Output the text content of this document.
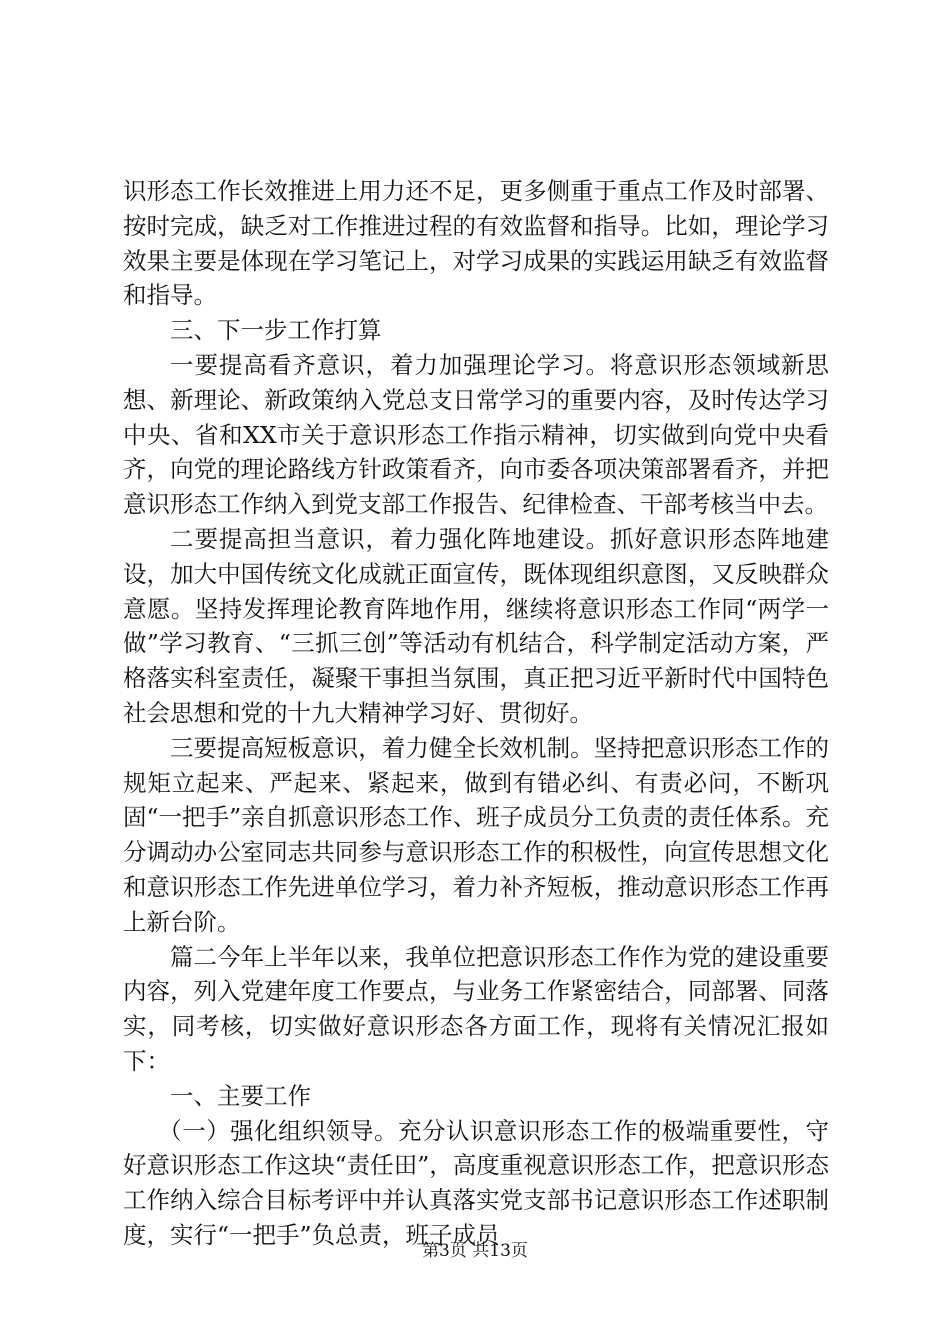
识形态工作长效推进上用力还不足，更多侧重于重点工作及时部署、按时完成，缺乏对工作推进过程的有效监督和指导。比如，理论学习效果主要是体现在学习笔记上，对学习成果的实践运用缺乏有效监督和指导。

三、下一步工作打算

一要提高看齐意识，着力加强理论学习。将意识形态领域新思想、新理论、新政策纳入党总支日常学习的重要内容，及时传达学习中央、省和XX市关于意识形态工作指示精神，切实做到向党中央看齐，向党的理论路线方针政策看齐，向市委各项决策部署看齐，并把意识形态工作纳入到党支部工作报告、纪律检查、干部考核当中去。

二要提高担当意识，着力强化阵地建设。抓好意识形态阵地建设，加大中国传统文化成就正面宣传，既体现组织意图，又反映群众意愿。坚持发挥理论教育阵地作用，继续将意识形态工作同“两学一做”学习教育、“三抓三创”等活动有机结合，科学制定活动方案，严格落实科室责任，凝聚干事担当氛围，真正把习近平新时代中国特色社会思想和党的十九大精神学习好、贯彻好。

三要提高短板意识，着力健全长效机制。坚持把意识形态工作的规矩立起来、严起来、紧起来，做到有错必纠、有责必问，不断巩固“一把手”亲自抓意识形态工作、班子成员分工负责的责任体系。充分调动办公室同志共同参与意识形态工作的积极性，向宣传思想文化和意识形态工作先进单位学习，着力补齐短板，推动意识形态工作再上新台阶。

篇二今年上半年以来，我单位把意识形态工作作为党的建设重要内容，列入党建年度工作要点，与业务工作紧密结合，同部署、同落实，同考核，切实做好意识形态各方面工作，现将有关情况汇报如下：

一、主要工作

（一）强化组织领导。充分认识意识形态工作的极端重要性，守好意识形态工作这块“责任田”，高度重视意识形态工作，把意识形态工作纳入综合目标考评中并认真落实党支部书记意识形态工作述职制度，实行“一把手”负总责，班子成员

第3页 共13页
